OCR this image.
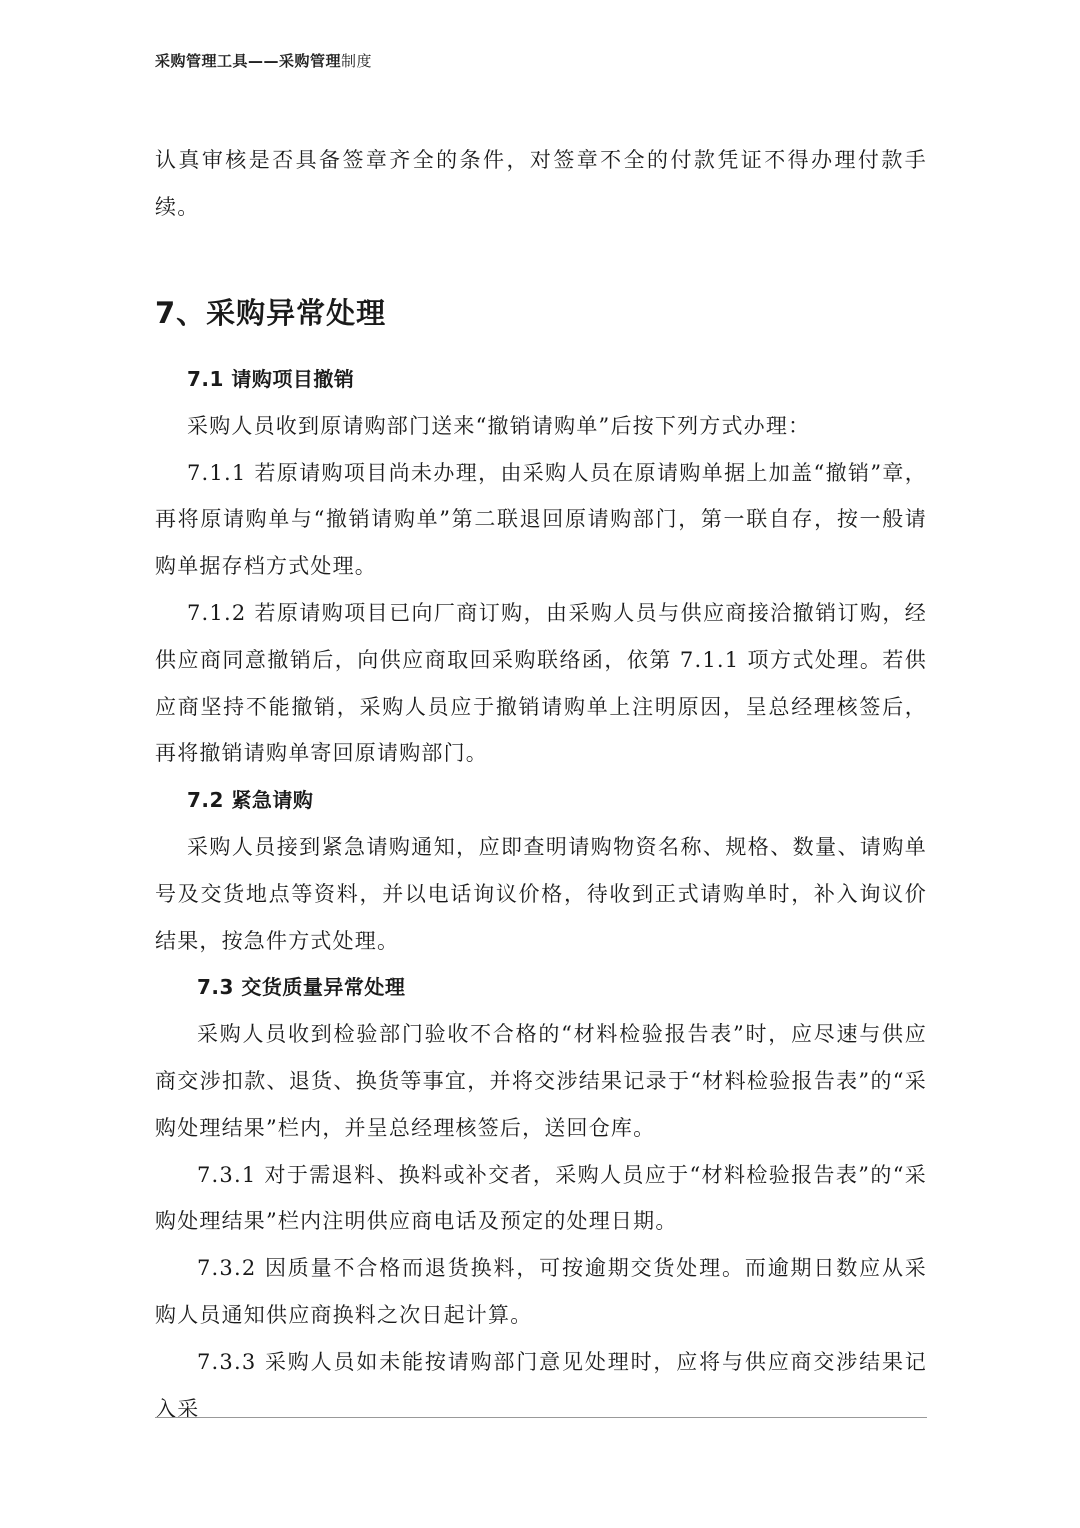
采购管理工具——采购管理制度

认真审核是否具备签章齐全的条件，对签章不全的付款凭证不得办理付款手续。

7、采购异常处理
7.1 请购项目撤销

采购人员收到原请购部门送来“撤销请购单”后按下列方式办理：

7.1.1 若原请购项目尚未办理，由采购人员在原请购单据上加盖“撤销”章，再将原请购单与“撤销请购单”第二联退回原请购部门，第一联自存，按一般请购单据存档方式处理。

7.1.2 若原请购项目已向厂商订购，由采购人员与供应商接洽撤销订购，经供应商同意撤销后，向供应商取回采购联络函，依第 7.1.1 项方式处理。若供应商坚持不能撤销，采购人员应于撤销请购单上注明原因，呈总经理核签后，再将撤销请购单寄回原请购部门。

7.2 紧急请购

采购人员接到紧急请购通知，应即查明请购物资名称、规格、数量、请购单号及交货地点等资料，并以电话询议价格，待收到正式请购单时，补入询议价结果，按急件方式处理。

7.3 交货质量异常处理

采购人员收到检验部门验收不合格的“材料检验报告表”时，应尽速与供应商交涉扣款、退货、换货等事宜，并将交涉结果记录于“材料检验报告表”的“采购处理结果”栏内，并呈总经理核签后，送回仓库。

7.3.1 对于需退料、换料或补交者，采购人员应于“材料检验报告表”的“采购处理结果”栏内注明供应商电话及预定的处理日期。

7.3.2 因质量不合格而退货换料，可按逾期交货处理。而逾期日数应从采购人员通知供应商换料之次日起计算。

7.3.3 采购人员如未能按请购部门意见处理时，应将与供应商交涉结果记入采
